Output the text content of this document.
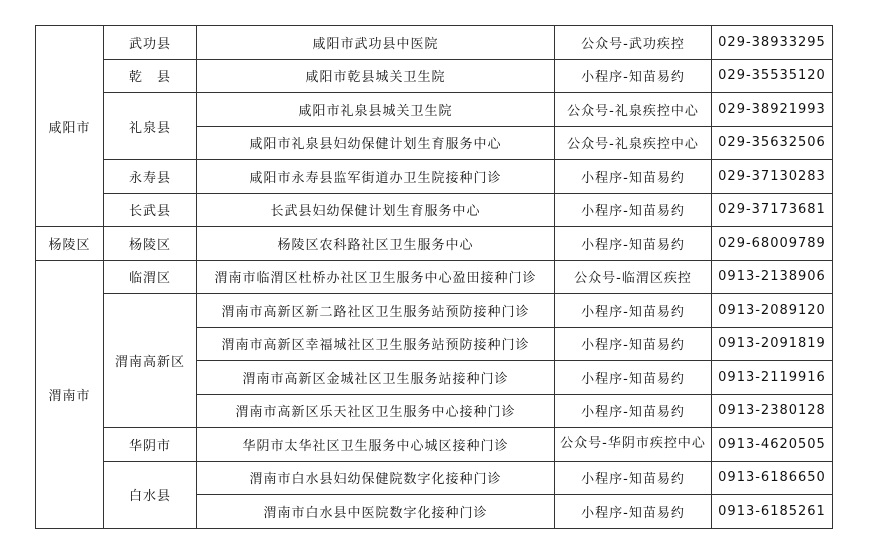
咸阳市	武功县	咸阳市武功县中医院	公众号-武功疾控	029-38933295
	乾　县	咸阳市乾县城关卫生院	小程序-知苗易约	029-35535120
	礼泉县	咸阳市礼泉县城关卫生院	公众号-礼泉疾控中心	029-38921993
		咸阳市礼泉县妇幼保健计划生育服务中心	公众号-礼泉疾控中心	029-35632506
	永寿县	咸阳市永寿县监军街道办卫生院接种门诊	小程序-知苗易约	029-37130283
	长武县	长武县妇幼保健计划生育服务中心	小程序-知苗易约	029-37173681
杨陵区	杨陵区	杨陵区农科路社区卫生服务中心	小程序-知苗易约	029-68009789
渭南市	临渭区	渭南市临渭区杜桥办社区卫生服务中心盈田接种门诊	公众号-临渭区疾控	0913-2138906
	渭南高新区	渭南市高新区新二路社区卫生服务站预防接种门诊	小程序-知苗易约	0913-2089120
		渭南市高新区幸福城社区卫生服务站预防接种门诊	小程序-知苗易约	0913-2091819
		渭南市高新区金城社区卫生服务站接种门诊	小程序-知苗易约	0913-2119916
		渭南市高新区乐天社区卫生服务中心接种门诊	小程序-知苗易约	0913-2380128
	华阴市	华阴市太华社区卫生服务中心城区接种门诊	公众号-华阴市疾控中心	0913-4620505
	白水县	渭南市白水县妇幼保健院数字化接种门诊	小程序-知苗易约	0913-6186650
		渭南市白水县中医院数字化接种门诊	小程序-知苗易约	0913-6185261
